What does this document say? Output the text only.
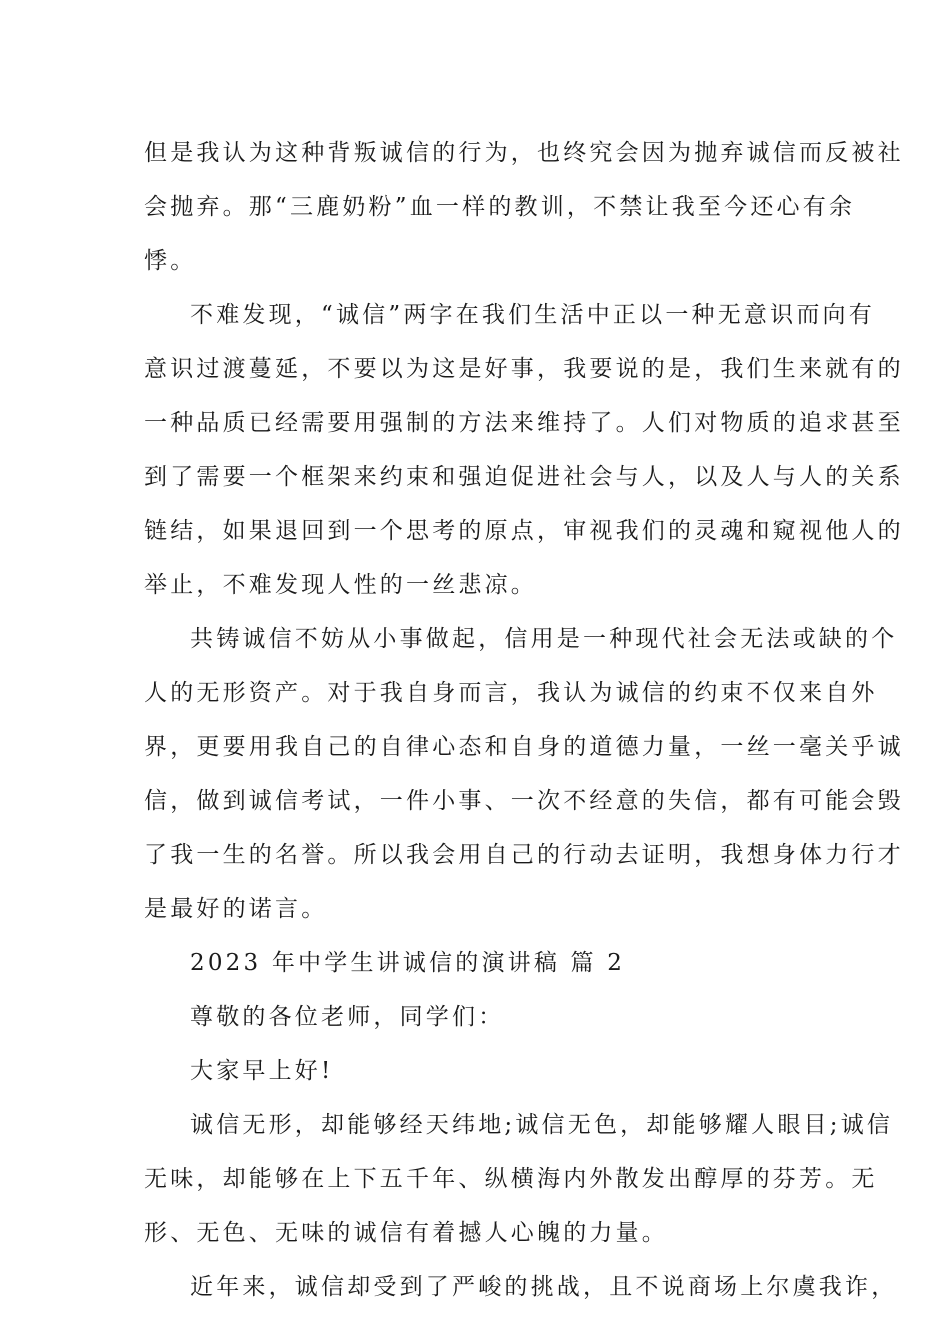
但是我认为这种背叛诚信的行为，也终究会因为抛弃诚信而反被社
会抛弃。那“三鹿奶粉”血一样的教训，不禁让我至今还心有余
悸。
不难发现，“诚信”两字在我们生活中正以一种无意识而向有
意识过渡蔓延，不要以为这是好事，我要说的是，我们生来就有的
一种品质已经需要用强制的方法来维持了。人们对物质的追求甚至
到了需要一个框架来约束和强迫促进社会与人，以及人与人的关系
链结，如果退回到一个思考的原点，审视我们的灵魂和窥视他人的
举止，不难发现人性的一丝悲凉。
共铸诚信不妨从小事做起，信用是一种现代社会无法或缺的个
人的无形资产。对于我自身而言，我认为诚信的约束不仅来自外
界，更要用我自己的自律心态和自身的道德力量，一丝一毫关乎诚
信，做到诚信考试，一件小事、一次不经意的失信，都有可能会毁
了我一生的名誉。所以我会用自己的行动去证明，我想身体力行才
是最好的诺言。
2023 年中学生讲诚信的演讲稿 篇 2
尊敬的各位老师，同学们：
大家早上好!
诚信无形，却能够经天纬地;诚信无色，却能够耀人眼目;诚信
无味，却能够在上下五千年、纵横海内外散发出醇厚的芬芳。无
形、无色、无味的诚信有着撼人心魄的力量。
近年来，诚信却受到了严峻的挑战，且不说商场上尔虞我诈，
